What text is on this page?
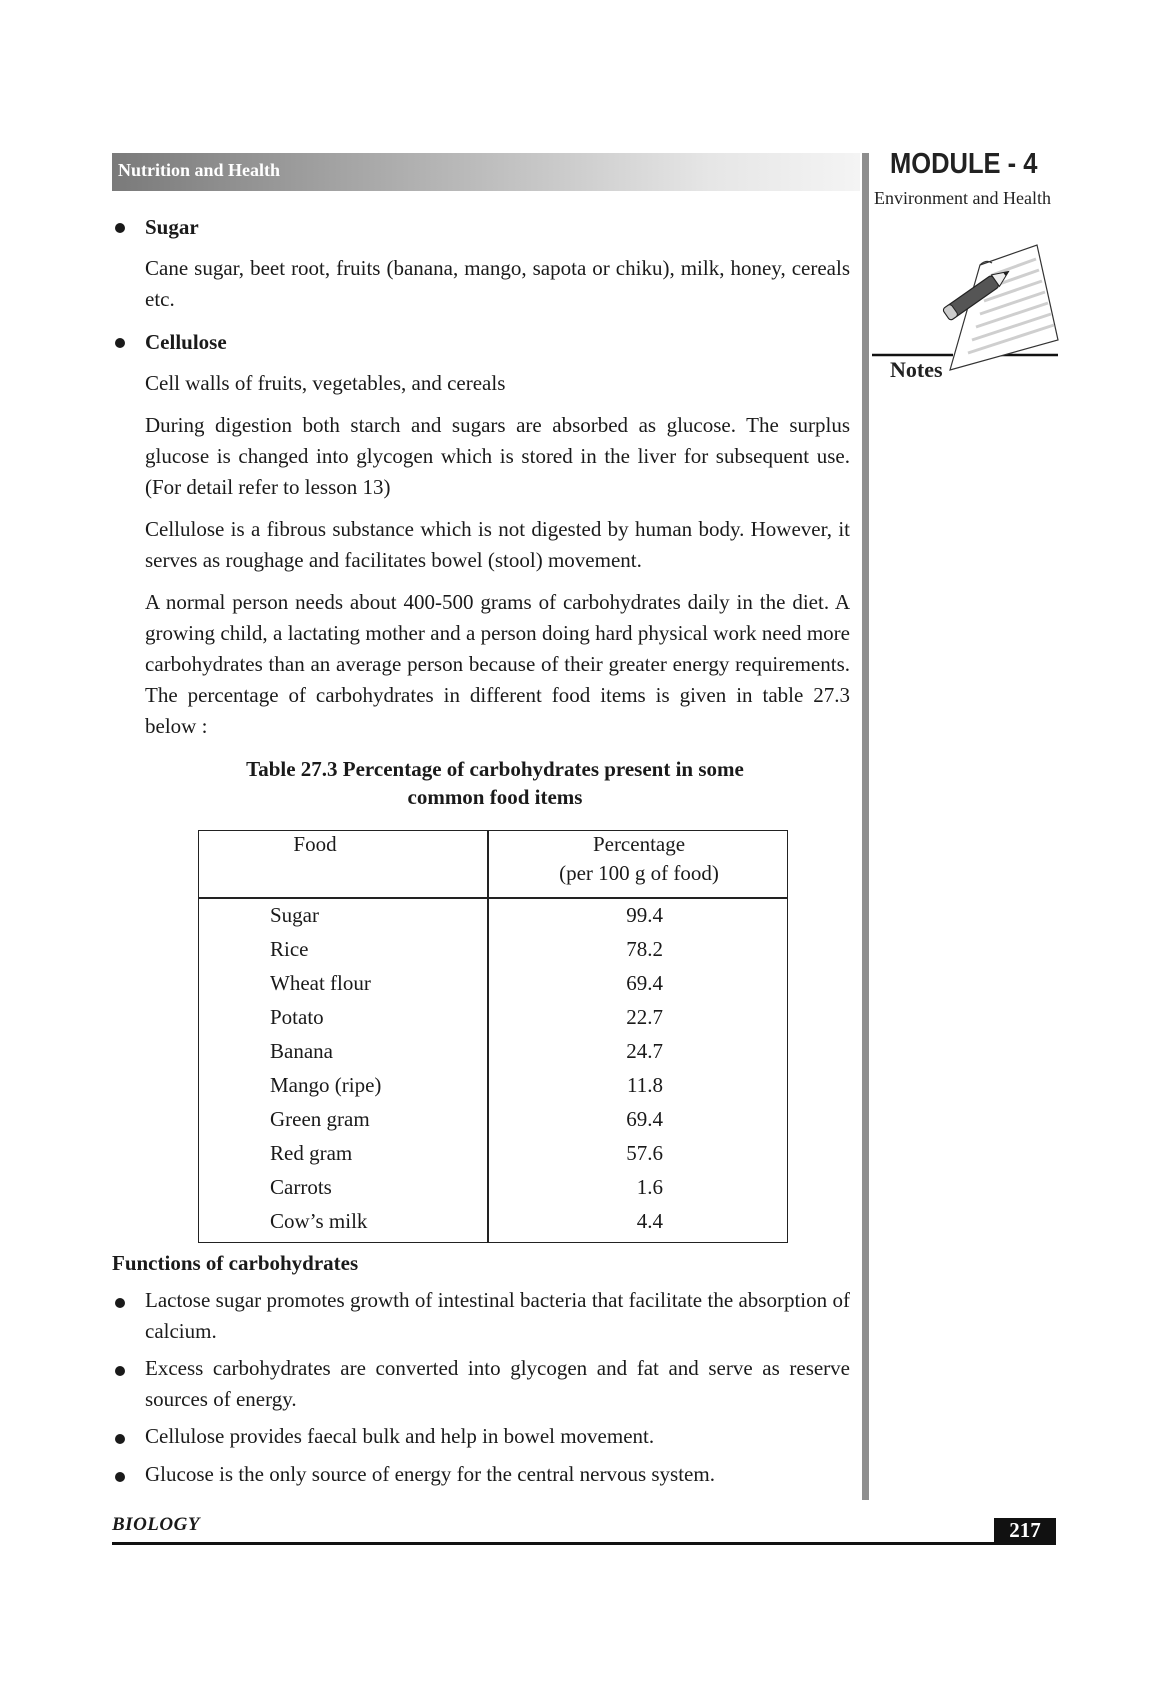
Nutrition and Health	MODULE - 4
Environment and Health
Notes
Sugar
Cane sugar, beet root, fruits (banana, mango, sapota or chiku), milk, honey, cereals etc.
Cellulose
Cell walls of fruits, vegetables, and cereals
During digestion both starch and sugars are absorbed as glucose. The surplus glucose is changed into glycogen which is stored in the liver for subsequent use. (For detail refer to lesson 13)
Cellulose is a fibrous substance which is not digested by human body. However, it serves as roughage and facilitates bowel (stool) movement.
A normal person needs about 400-500 grams of carbohydrates daily in the diet. A growing child, a lactating mother and a person doing hard physical work need more carbohydrates than an average person because of their greater energy requirements. The percentage of carbohydrates in different food items is given in table 27.3 below :
Table 27.3 Percentage of carbohydrates present in some
common food items
Food	Percentage
(per 100 g of food)
Sugar	99.4
Rice	78.2
Wheat flour	69.4
Potato	22.7
Banana	24.7
Mango (ripe)	11.8
Green gram	69.4
Red gram	57.6
Carrots	1.6
Cow’s milk	4.4
Functions of carbohydrates
Lactose sugar promotes growth of intestinal bacteria that facilitate the absorption of calcium.
Excess carbohydrates are converted into glycogen and fat and serve as reserve sources of energy.
Cellulose provides faecal bulk and help in bowel movement.
Glucose is the only source of energy for the central nervous system.
BIOLOGY	217
